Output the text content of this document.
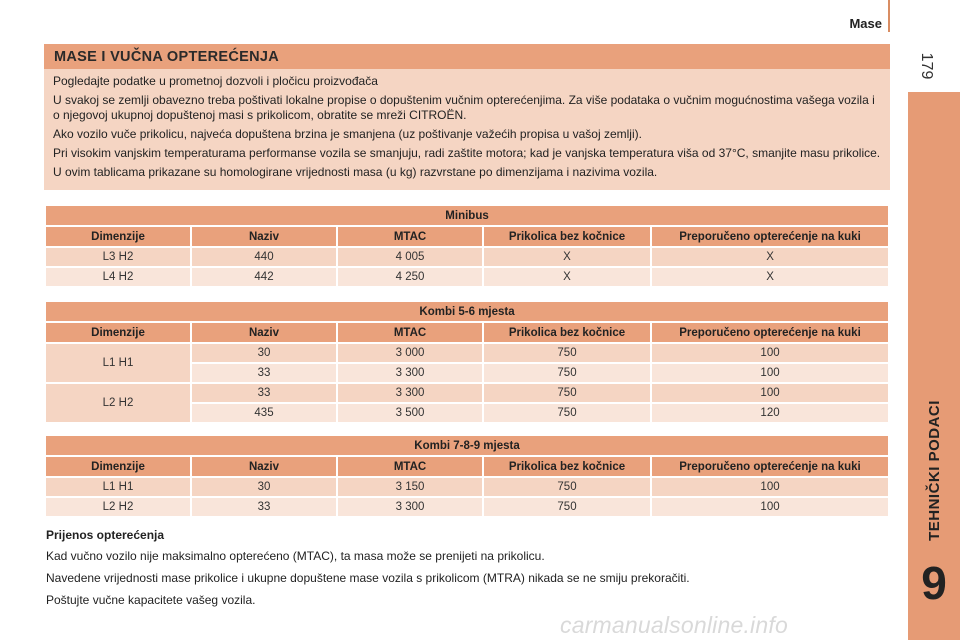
Mase
179
TEHNIČKI PODACI
9
MASE I VUČNA OPTEREĆENJA

Pogledajte podatke u prometnoj dozvoli i pločicu proizvođača

U svakoj se zemlji obavezno treba poštivati lokalne propise o dopuštenim vučnim opterećenjima. Za više podataka o vučnim mogućnostima vašega vozila i o njegovoj ukupnoj dopuštenoj masi s prikolicom, obratite se mreži CITROËN.

Ako vozilo vuče prikolicu, najveća dopuštena brzina je smanjena (uz poštivanje važećih propisa u vašoj zemlji).

Pri visokim vanjskim temperaturama performanse vozila se smanjuju, radi zaštite motora; kad je vanjska temperatura viša od 37°C, smanjite masu prikolice.

U ovim tablicama prikazane su homologirane vrijednosti masa (u kg) razvrstane po dimenzijama i nazivima vozila.

Minibus				
Dimenzije	Naziv	MTAC	Prikolica bez kočnice	Preporučeno opterećenje na kuki
L3 H2	440	4 005	X	X
L4 H2	442	4 250	X	X
Kombi 5-6 mjesta				
Dimenzije	Naziv	MTAC	Prikolica bez kočnice	Preporučeno opterećenje na kuki
L1 H1	30	3 000	750	100
	33	3 300	750	100
L2 H2	33	3 300	750	100
	435	3 500	750	120
Kombi 7-8-9 mjesta				
Dimenzije	Naziv	MTAC	Prikolica bez kočnice	Preporučeno opterećenje na kuki
L1 H1	30	3 150	750	100
L2 H2	33	3 300	750	100
Prijenos opterećenja

Kad vučno vozilo nije maksimalno opterećeno (MTAC), ta masa može se prenijeti na prikolicu.

Navedene vrijednosti mase prikolice i ukupne dopuštene mase vozila s prikolicom (MTRA) nikada se ne smiju prekoračiti.

Poštujte vučne kapacitete vašeg vozila.

carmanualsonline.info
